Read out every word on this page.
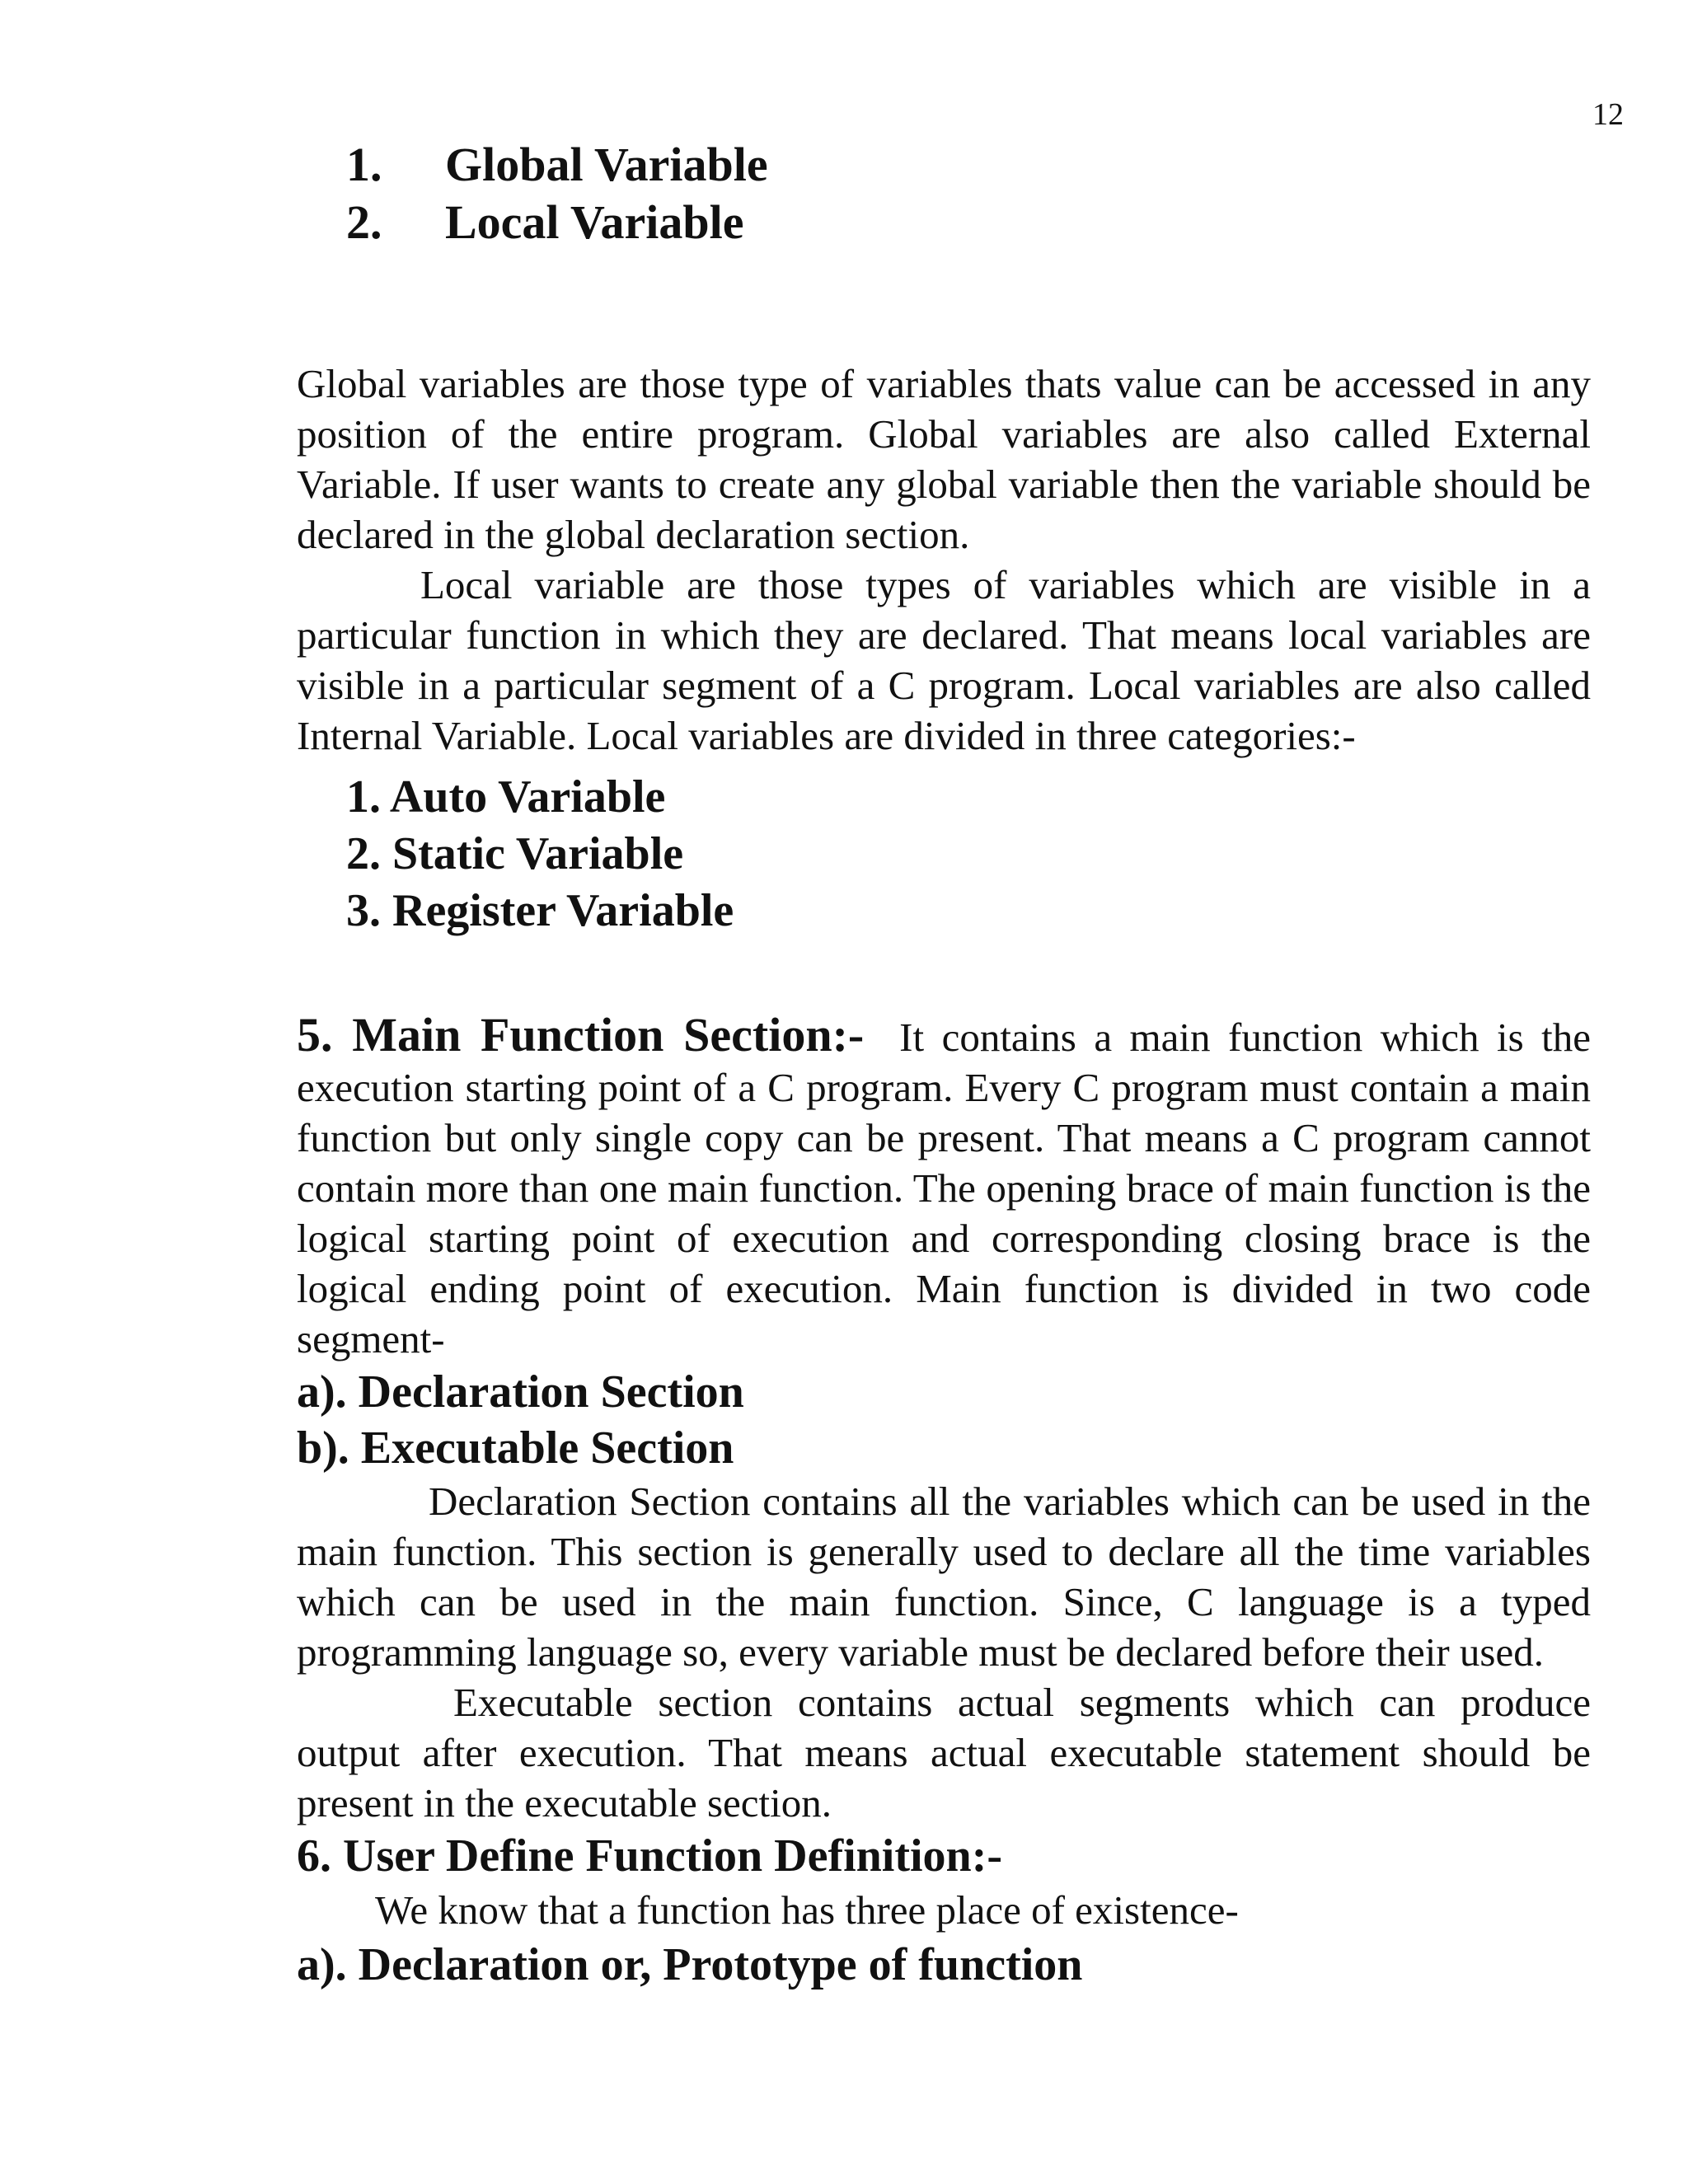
12
1. Global Variable
2. Local Variable

Global variables are those type of variables thats value can be accessed in any position of the entire program. Global variables are also called External Variable. If user wants to create any global variable then the variable should be declared in the global declaration section.

Local variable are those types of variables which are visible in a particular function in which they are declared. That means local variables are visible in a particular segment of a C program. Local variables are also called Internal Variable. Local variables are divided in three categories:-

1. Auto Variable
2. Static Variable
3. Register Variable

5. Main Function Section:- It contains a main function which is the execution starting point of a C program. Every C program must contain a main function but only single copy can be present. That means a C program cannot contain more than one main function. The opening brace of main function is the logical starting point of execution and corresponding closing brace is the logical ending point of execution. Main function is divided in two code segment-

a). Declaration Section

b). Executable Section

Declaration Section contains all the variables which can be used in the main function. This section is generally used to declare all the time variables which can be used in the main function. Since, C language is a typed programming language so, every variable must be declared before their used.

Executable section contains actual segments which can produce output after execution. That means actual executable statement should be present in the executable section.

6. User Define Function Definition:-

We know that a function has three place of existence-

a). Declaration or, Prototype of function
